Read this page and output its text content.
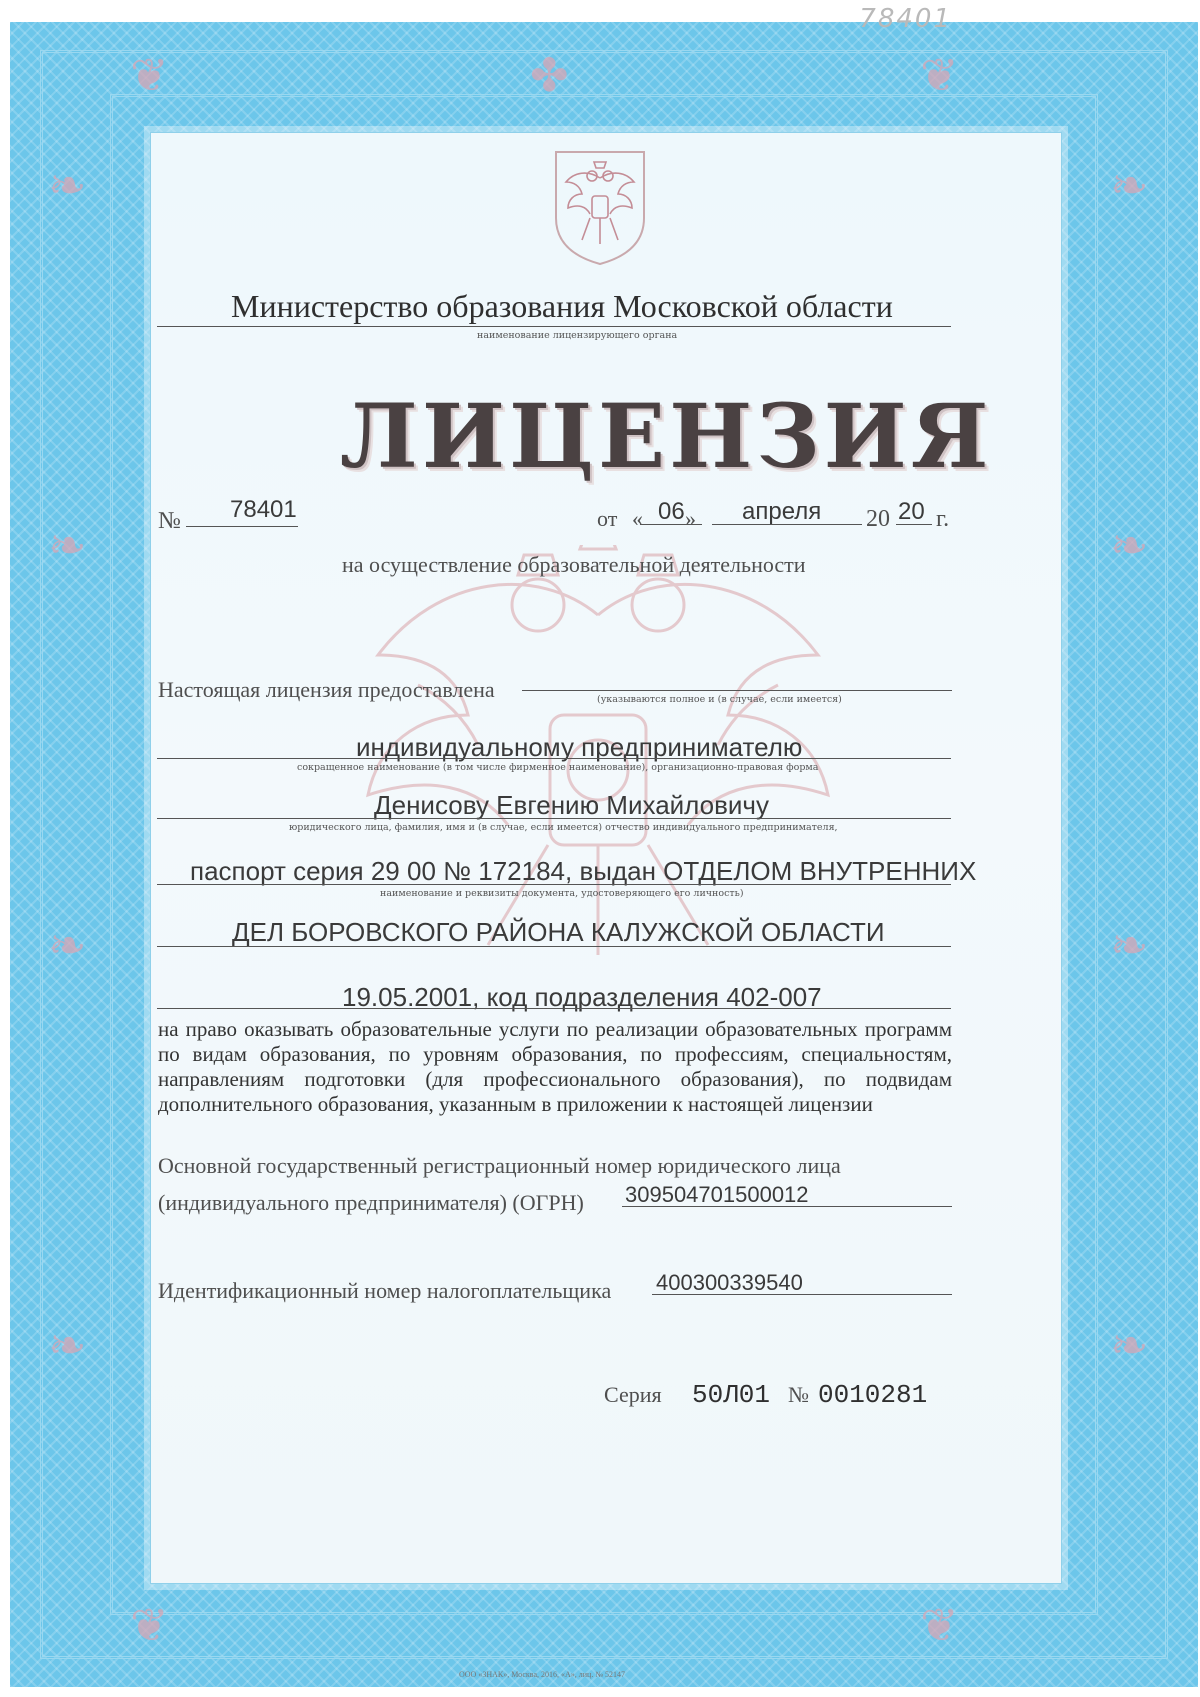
❦	✤	❦
❧
❧
❧
❧
❧
❧
❧
❧
❦	❦
78401
Министерство образования Московской области
наименование лицензирующего органа
ЛИЦЕНЗИЯ
№ 78401	от « 06 » апреля 20 20 г.
на осуществление образовательной деятельности
Настоящая лицензия предоставлена	(указываются полное и (в случае, если имеется)
индивидуальному предпринимателю
сокращенное наименование (в том числе фирменное наименование), организационно-правовая форма
Денисову Евгению Михайловичу
юридического лица, фамилия, имя и (в случае, если имеется) отчество индивидуального предпринимателя,
паспорт серия 29 00 № 172184, выдан ОТДЕЛОМ ВНУТРЕННИХ
наименование и реквизиты документа, удостоверяющего его личность)
ДЕЛ БОРОВСКОГО РАЙОНА КАЛУЖСКОЙ ОБЛАСТИ
19.05.2001, код подразделения 402-007
на право оказывать образовательные услуги по реализации образовательных программ по видам образования, по уровням образования, по профессиям, специальностям, направлениям подготовки (для профессионального образования), по подвидам дополнительного образования, указанным в приложении к настоящей лицензии
Основной государственный регистрационный номер юридического лица
(индивидуального предпринимателя) (ОГРН) 309504701500012
Идентификационный номер налогоплательщика 400300339540
Серия 50Л01 № 0010281
ООО «ЗНАК», Москва, 2016, «А», лиц. № 52147
